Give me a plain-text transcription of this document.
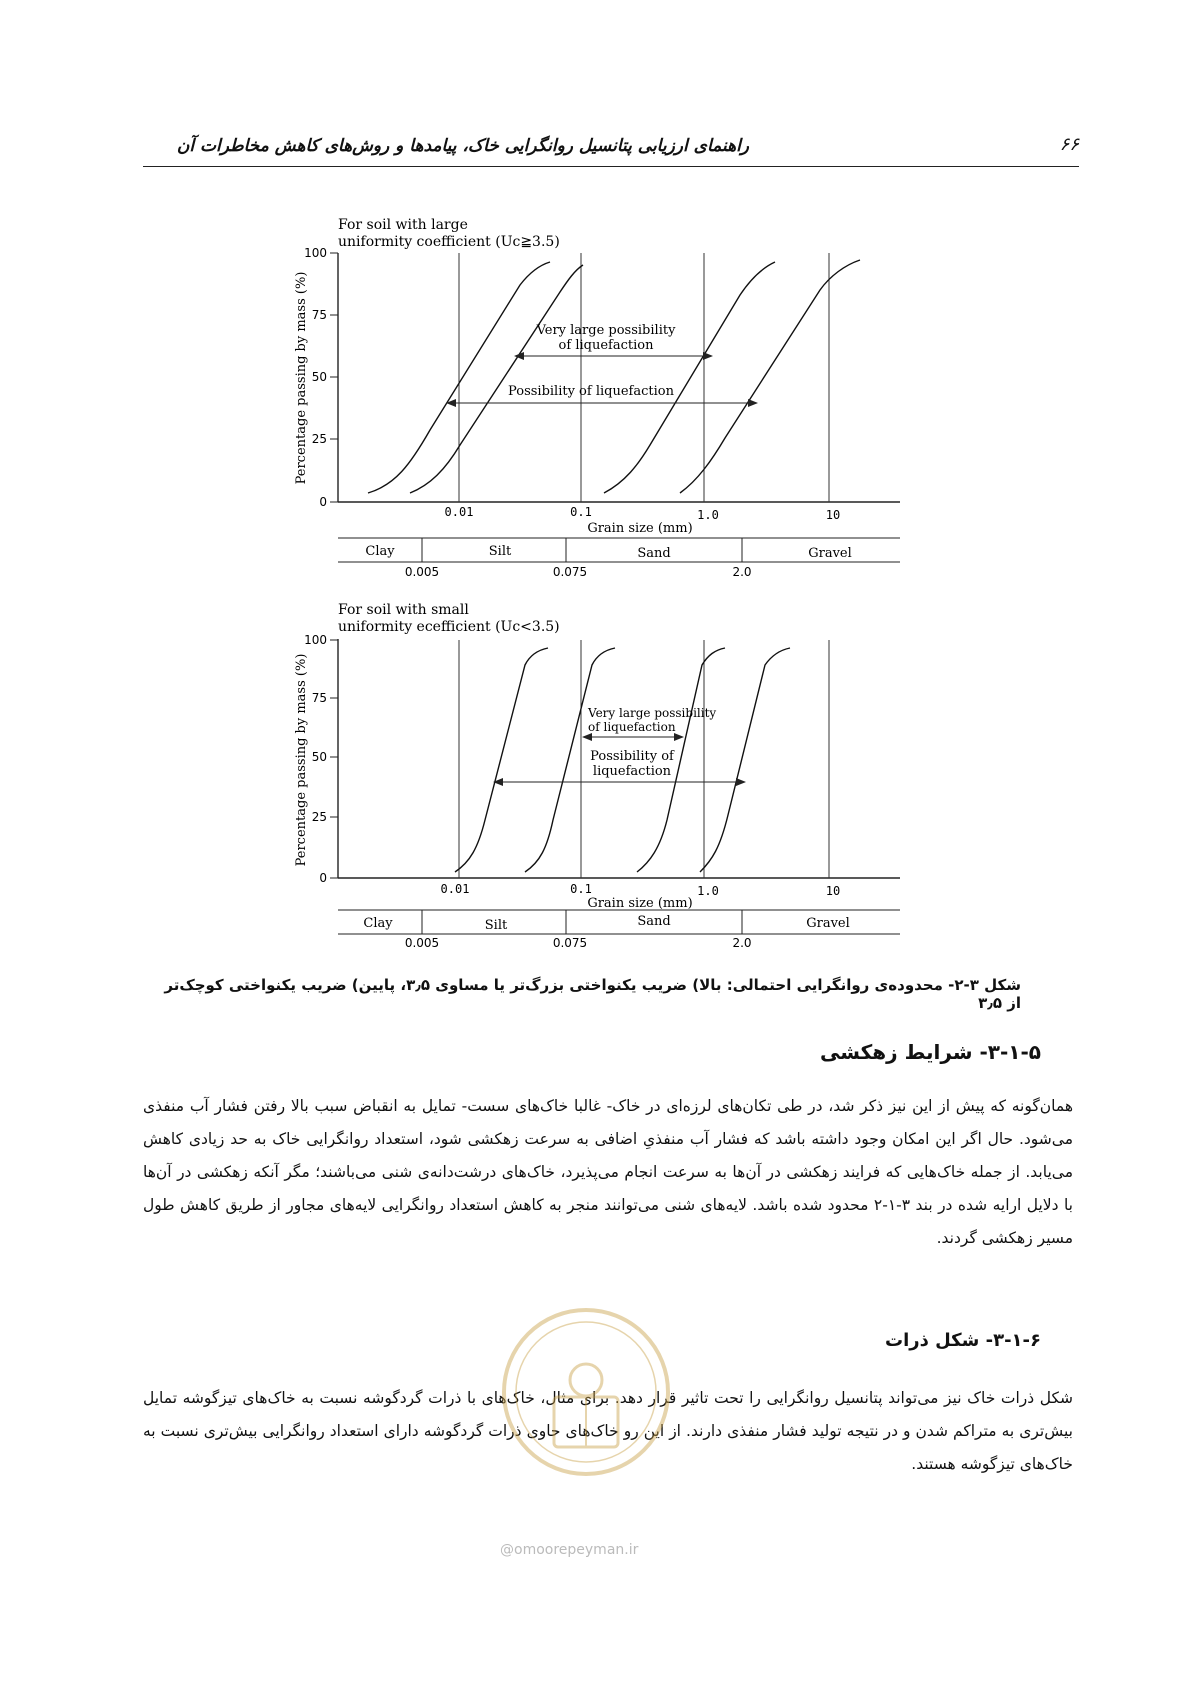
۶۶
راهنمای ارزیابی پتانسیل روانگرایی خاک، پیامدها و روش‌های کاهش مخاطرات آن
For soil with large
uniformity coefficient (Uc≧3.5)
100
75
50
25
0
Percentage passing by mass (%)
0.01	0.1	1.0	10
Grain size (mm)
Very large possibility
of liquefaction
Possibility of liquefaction
Clay	Silt	Sand	Gravel
0.005	0.075	2.0
For soil with small
uniformity ecefficient (Uc<3.5)
100
75
50
25
0
Percentage passing by mass (%)
0.01	0.1	1.0	10
Grain size (mm)
Very large possibility
of liquefaction
Possibility of
liquefaction
Clay	Silt	Sand	Gravel
0.005	0.075	2.0
شکل ۳-۲- محدوده‌ی روانگرایی احتمالی: بالا) ضریب یکنواختی بزرگ‌تر یا مساوی ۳٫۵، پایین) ضریب یکنواختی کوچک‌تر از ۳٫۵
۳-۱-۵- شرایط زهکشی
همان‌گونه که پیش از این نیز ذکر شد، در طی تکان‌های لرزه‌ای در خاک- غالبا خاک‌های سست- تمایل به انقباض سبب بالا رفتن فشار آب منفذی می‌شود. حال اگر این امکان وجود داشته باشد که فشار آب منفذیِ اضافی به سرعت زهکشی شود، استعداد روانگرایی خاک به حد زیادی کاهش می‌یابد. از جمله خاک‌هایی که فرایند زهکشی در آن‌ها به سرعت انجام می‌پذیرد، خاک‌های درشت‌دانه‌ی شنی می‌باشند؛ مگر آنکه زهکشی در آن‌ها با دلایل ارایه شده در بند ۳-۱-۲ محدود شده باشد. لایه‌های شنی می‌توانند منجر به کاهش استعداد روانگرایی لایه‌های مجاور از طریق کاهش طول مسیر زهکشی گردند.
۳-۱-۶- شکل ذرات
شکل ذرات خاک نیز می‌تواند پتانسیل روانگرایی را تحت تاثیر قرار دهد. برای مثال، خاک‌های با ذرات گردگوشه نسبت به خاک‌های تیزگوشه تمایل بیش‌تری به متراکم شدن و در نتیجه تولید فشار منفذی دارند. از این رو خاک‌های حاوی ذرات گردگوشه دارای استعداد روانگرایی بیش‌تری نسبت به خاک‌های تیزگوشه هستند.
@omoorepeyman.ir
